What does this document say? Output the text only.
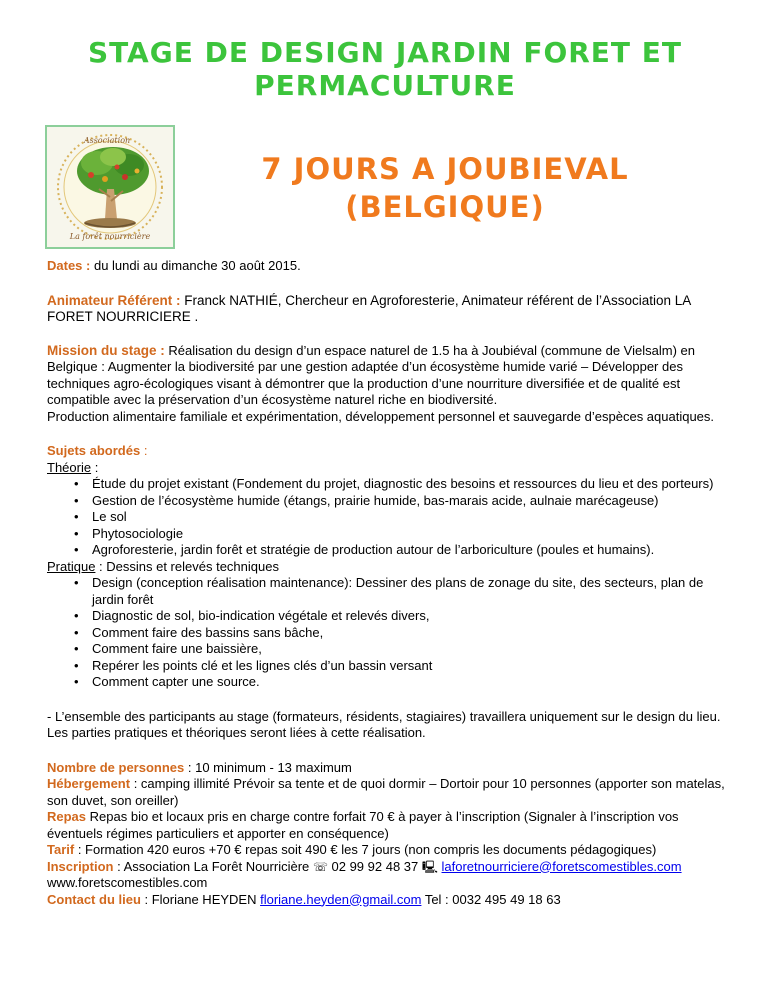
STAGE DE DESIGN JARDIN FORET ET PERMACULTURE
Association
La forêt nourricière
7 JOURS A JOUBIEVAL (BELGIQUE)

Dates : du lundi au dimanche 30 août 2015.

Animateur Référent : Franck NATHIÉ, Chercheur en Agroforesterie, Animateur référent de l’Association LA FORET NOURRICIERE .

Mission du stage : Réalisation du design d’un espace naturel de 1.5 ha à Joubiéval (commune de Vielsalm) en Belgique : Augmenter la biodiversité par une gestion adaptée d’un écosystème humide varié – Développer des techniques agro-écologiques visant à démontrer que la production d’une nourriture diversifiée et de qualité est compatible avec la préservation d’un écosystème naturel riche en biodiversité.

Production alimentaire familiale et expérimentation, développement personnel et sauvegarde d’espèces aquatiques.

Sujets abordés :

Théorie :

• Étude du projet existant (Fondement du projet, diagnostic des besoins et ressources du lieu et des porteurs)
• Gestion de l’écosystème humide (étangs, prairie humide, bas-marais acide, aulnaie marécageuse)
• Le sol
• Phytosociologie
• Agroforesterie, jardin forêt et stratégie de production autour de l’arboriculture (poules et humains).

Pratique : Dessins et relevés techniques

• Design (conception réalisation maintenance): Dessiner des plans de zonage du site, des secteurs, plan de jardin forêt
• Diagnostic de sol, bio-indication végétale et relevés divers,
• Comment faire des bassins sans bâche,
• Comment faire une baissière,
• Repérer les points clé et les lignes clés d’un bassin versant
• Comment capter une source.

- L’ensemble des participants au stage (formateurs, résidents, stagiaires) travaillera uniquement sur le design du lieu. Les parties pratiques et théoriques seront liées à cette réalisation.

Nombre de personnes : 10 minimum - 13 maximum

Hébergement : camping illimité Prévoir sa tente et de quoi dormir – Dortoir pour 10 personnes (apporter son matelas, son duvet, son oreiller)

Repas Repas bio et locaux pris en charge contre forfait 70 € à payer à l’inscription (Signaler à l’inscription vos éventuels régimes particuliers et apporter en conséquence)

Tarif : Formation 420 euros +70 € repas soit 490 € les 7 jours (non compris les documents pédagogiques)

Inscription : Association La Forêt Nourricière ☏ 02 99 92 48 37 🖳 laforetnourriciere@foretscomestibles.com

www.foretscomestibles.com

Contact du lieu : Floriane HEYDEN floriane.heyden@gmail.com Tel : 0032 495 49 18 63
